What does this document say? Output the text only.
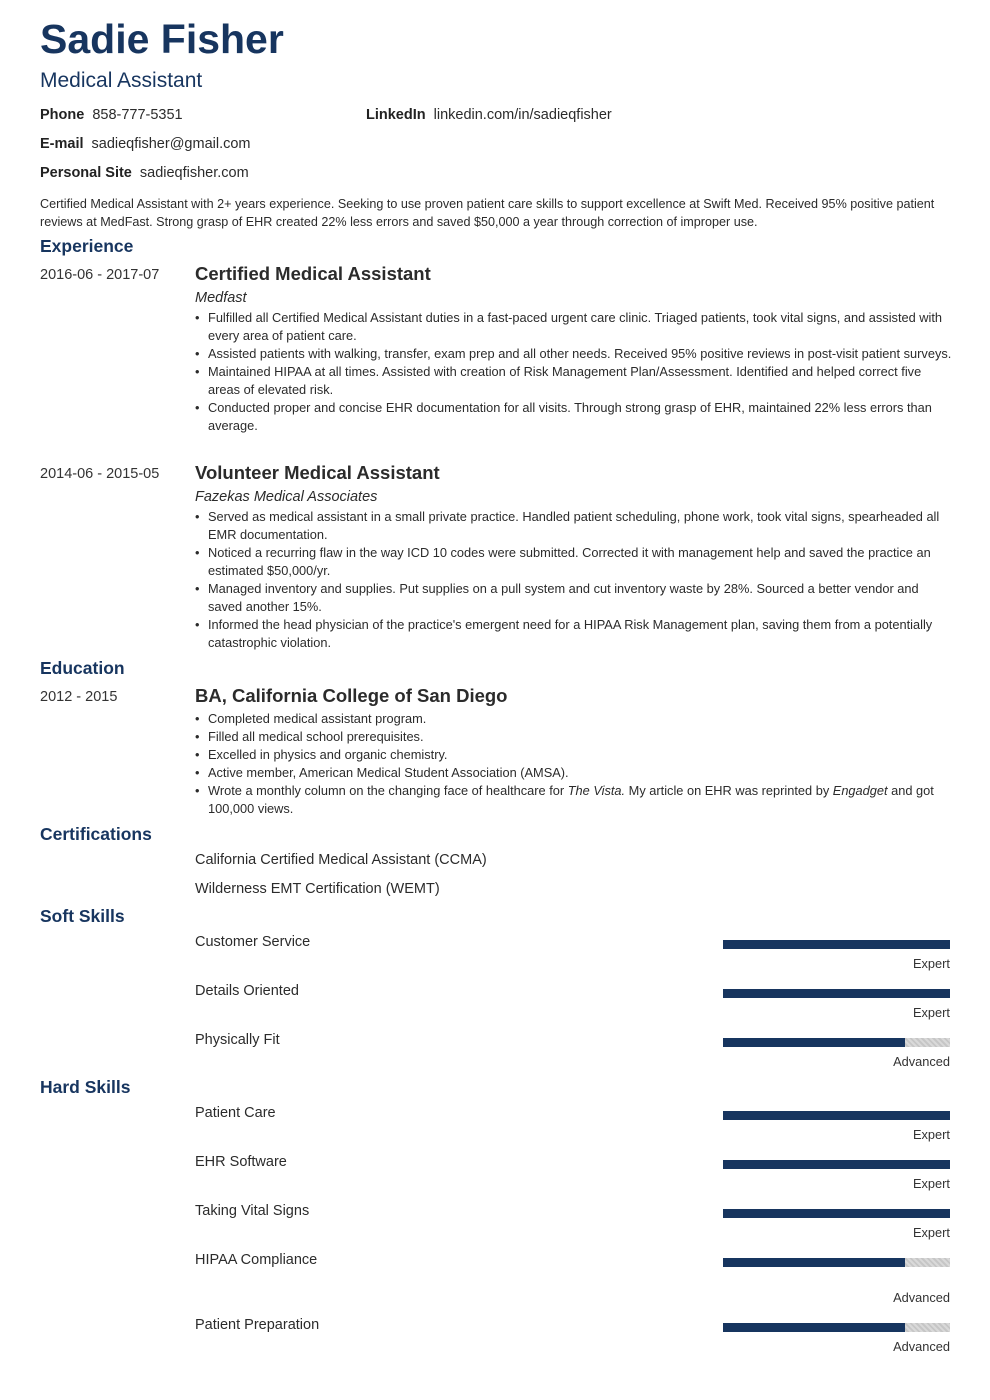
Sadie Fisher
Medical Assistant
Phone 858-777-5351	LinkedIn linkedin.com/in/sadieqfisher
E-mail sadieqfisher@gmail.com
Personal Site sadieqfisher.com
Certified Medical Assistant with 2+ years experience. Seeking to use proven patient care skills to support excellence at Swift Med. Received 95% positive patient reviews at MedFast. Strong grasp of EHR created 22% less errors and saved $50,000 a year through correction of improper use.
Experience
2016-06 - 2017-07 Certified Medical Assistant
Medfast
• Fulfilled all Certified Medical Assistant duties in a fast-paced urgent care clinic. Triaged patients, took vital signs, and assisted with every area of patient care.
• Assisted patients with walking, transfer, exam prep and all other needs. Received 95% positive reviews in post-visit patient surveys.
• Maintained HIPAA at all times. Assisted with creation of Risk Management Plan/Assessment. Identified and helped correct five areas of elevated risk.
• Conducted proper and concise EHR documentation for all visits. Through strong grasp of EHR, maintained 22% less errors than average.
2014-06 - 2015-05 Volunteer Medical Assistant
Fazekas Medical Associates
• Served as medical assistant in a small private practice. Handled patient scheduling, phone work, took vital signs, spearheaded all EMR documentation.
• Noticed a recurring flaw in the way ICD 10 codes were submitted. Corrected it with management help and saved the practice an estimated $50,000/yr.
• Managed inventory and supplies. Put supplies on a pull system and cut inventory waste by 28%. Sourced a better vendor and saved another 15%.
• Informed the head physician of the practice's emergent need for a HIPAA Risk Management plan, saving them from a potentially catastrophic violation.
Education
2012 - 2015	BA, California College of San Diego
• Completed medical assistant program.
• Filled all medical school prerequisites.
• Excelled in physics and organic chemistry.
• Active member, American Medical Student Association (AMSA).
• Wrote a monthly column on the changing face of healthcare for The Vista. My article on EHR was reprinted by Engadget and got 100,000 views.
Certifications
California Certified Medical Assistant (CCMA)
Wilderness EMT Certification (WEMT)
Soft Skills
Customer Service
Expert
Details Oriented
Expert
Physically Fit
Advanced
Hard Skills
Patient Care
Expert
EHR Software
Expert
Taking Vital Signs
Expert
HIPAA Compliance
Advanced
Patient Preparation
Advanced
